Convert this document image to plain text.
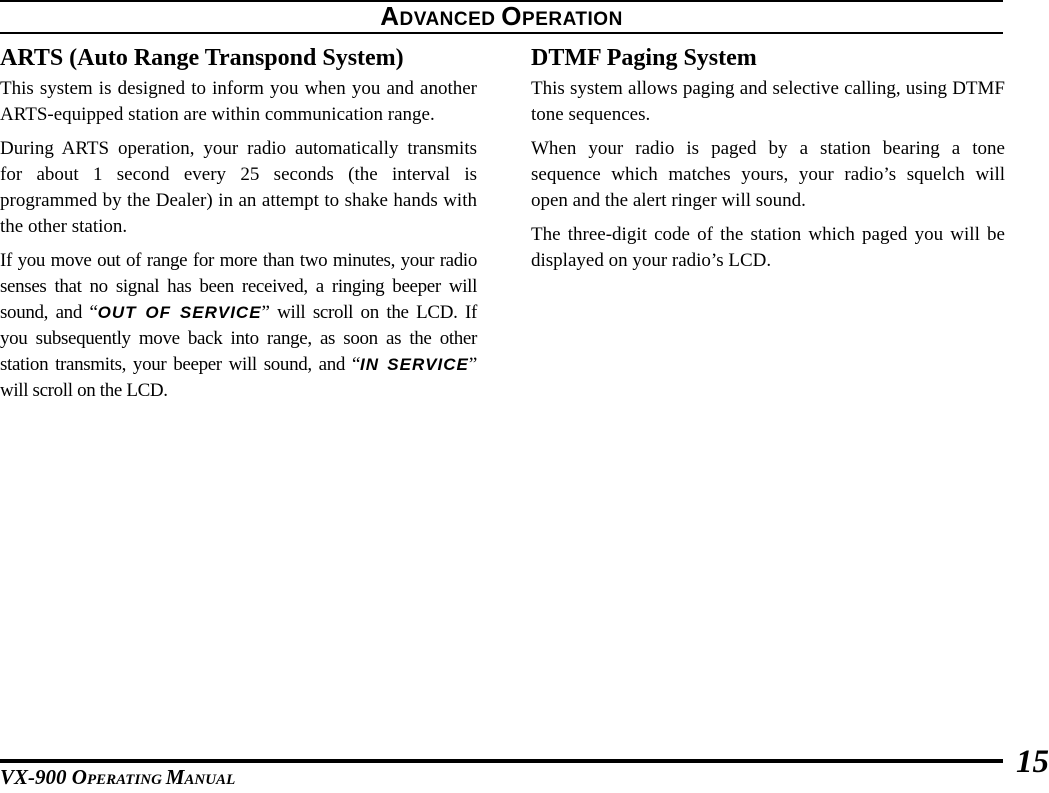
ADVANCED OPERATION
ARTS (Auto Range Transpond System)

This system is designed to inform you when you and another ARTS-equipped station are within communication range.

During ARTS operation, your radio automatically transmits for about 1 second every 25 seconds (the interval is programmed by the Dealer) in an attempt to shake hands with the other station.

If you move out of range for more than two minutes, your radio senses that no signal has been received, a ringing beeper will sound, and “OUT OF SERVICE” will scroll on the LCD. If you subsequently move back into range, as soon as the other station transmits, your beeper will sound, and “IN SERVICE” will scroll on the LCD.

DTMF Paging System

This system allows paging and selective calling, using DTMF tone sequences.

When your radio is paged by a station bearing a tone sequence which matches yours, your radio’s squelch will open and the alert ringer will sound.

The three-digit code of the station which paged you will be displayed on your radio’s LCD.

VX-900 OPERATING MANUAL	15
